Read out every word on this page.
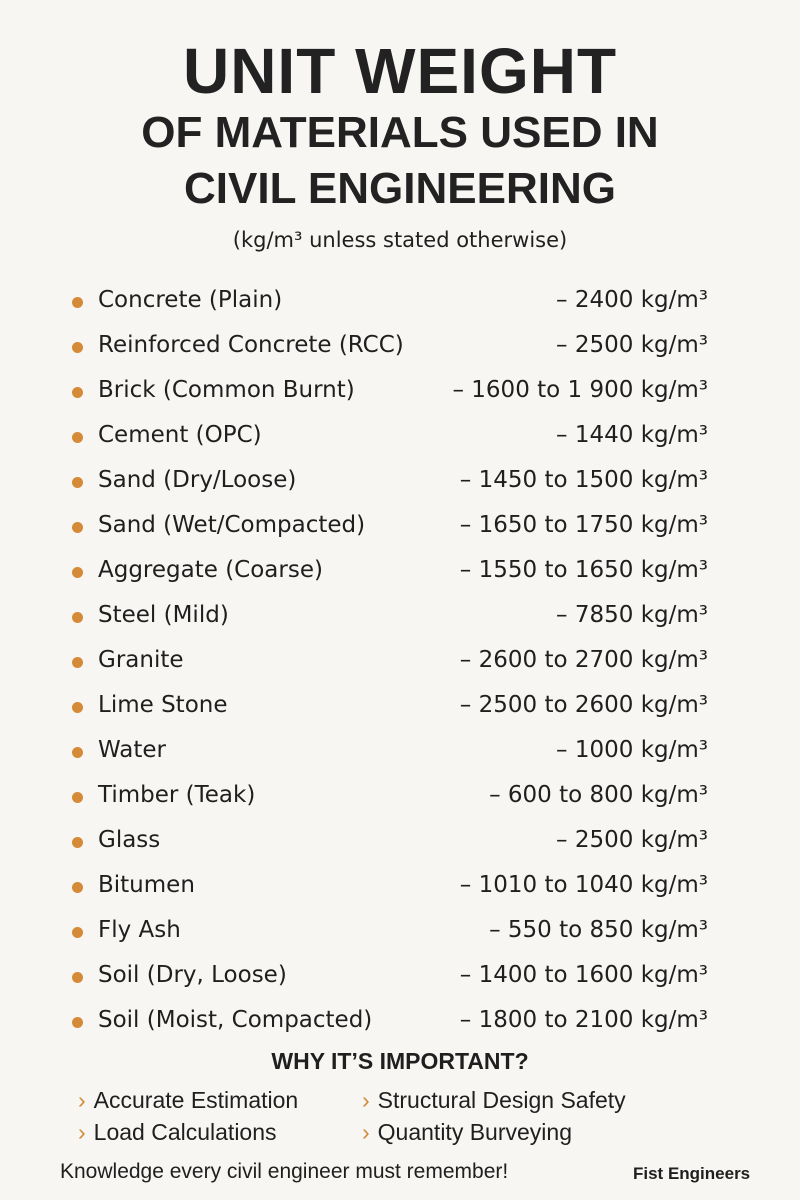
UNIT WEIGHT
OF MATERIALS USED IN
CIVIL ENGINEERING
(kg/m³ unless stated otherwise)
Concrete (Plain)	– 2400 kg/m³
Reinforced Concrete (RCC)	– 2500 kg/m³
Brick (Common Burnt)	– 1600 to 1 900 kg/m³
Cement (OPC)	– 1440 kg/m³
Sand (Dry/Loose)	– 1450 to 1500 kg/m³
Sand (Wet/Compacted)	– 1650 to 1750 kg/m³
Aggregate (Coarse)	– 1550 to 1650 kg/m³
Steel (Mild)	– 7850 kg/m³
Granite	– 2600 to 2700 kg/m³
Lime Stone	– 2500 to 2600 kg/m³
Water	– 1000 kg/m³
Timber (Teak)	– 600 to 800 kg/m³
Glass	– 2500 kg/m³
Bitumen	– 1010 to 1040 kg/m³
Fly Ash	– 550 to 850 kg/m³
Soil (Dry, Loose)	– 1400 to 1600 kg/m³
Soil (Moist, Compacted)	– 1800 to 2100 kg/m³
WHY IT’S IMPORTANT?
› Accurate Estimation	› Structural Design Safety
› Load Calculations	› Quantity Burveying
Knowledge every civil engineer must remember!	Fist Engineers
